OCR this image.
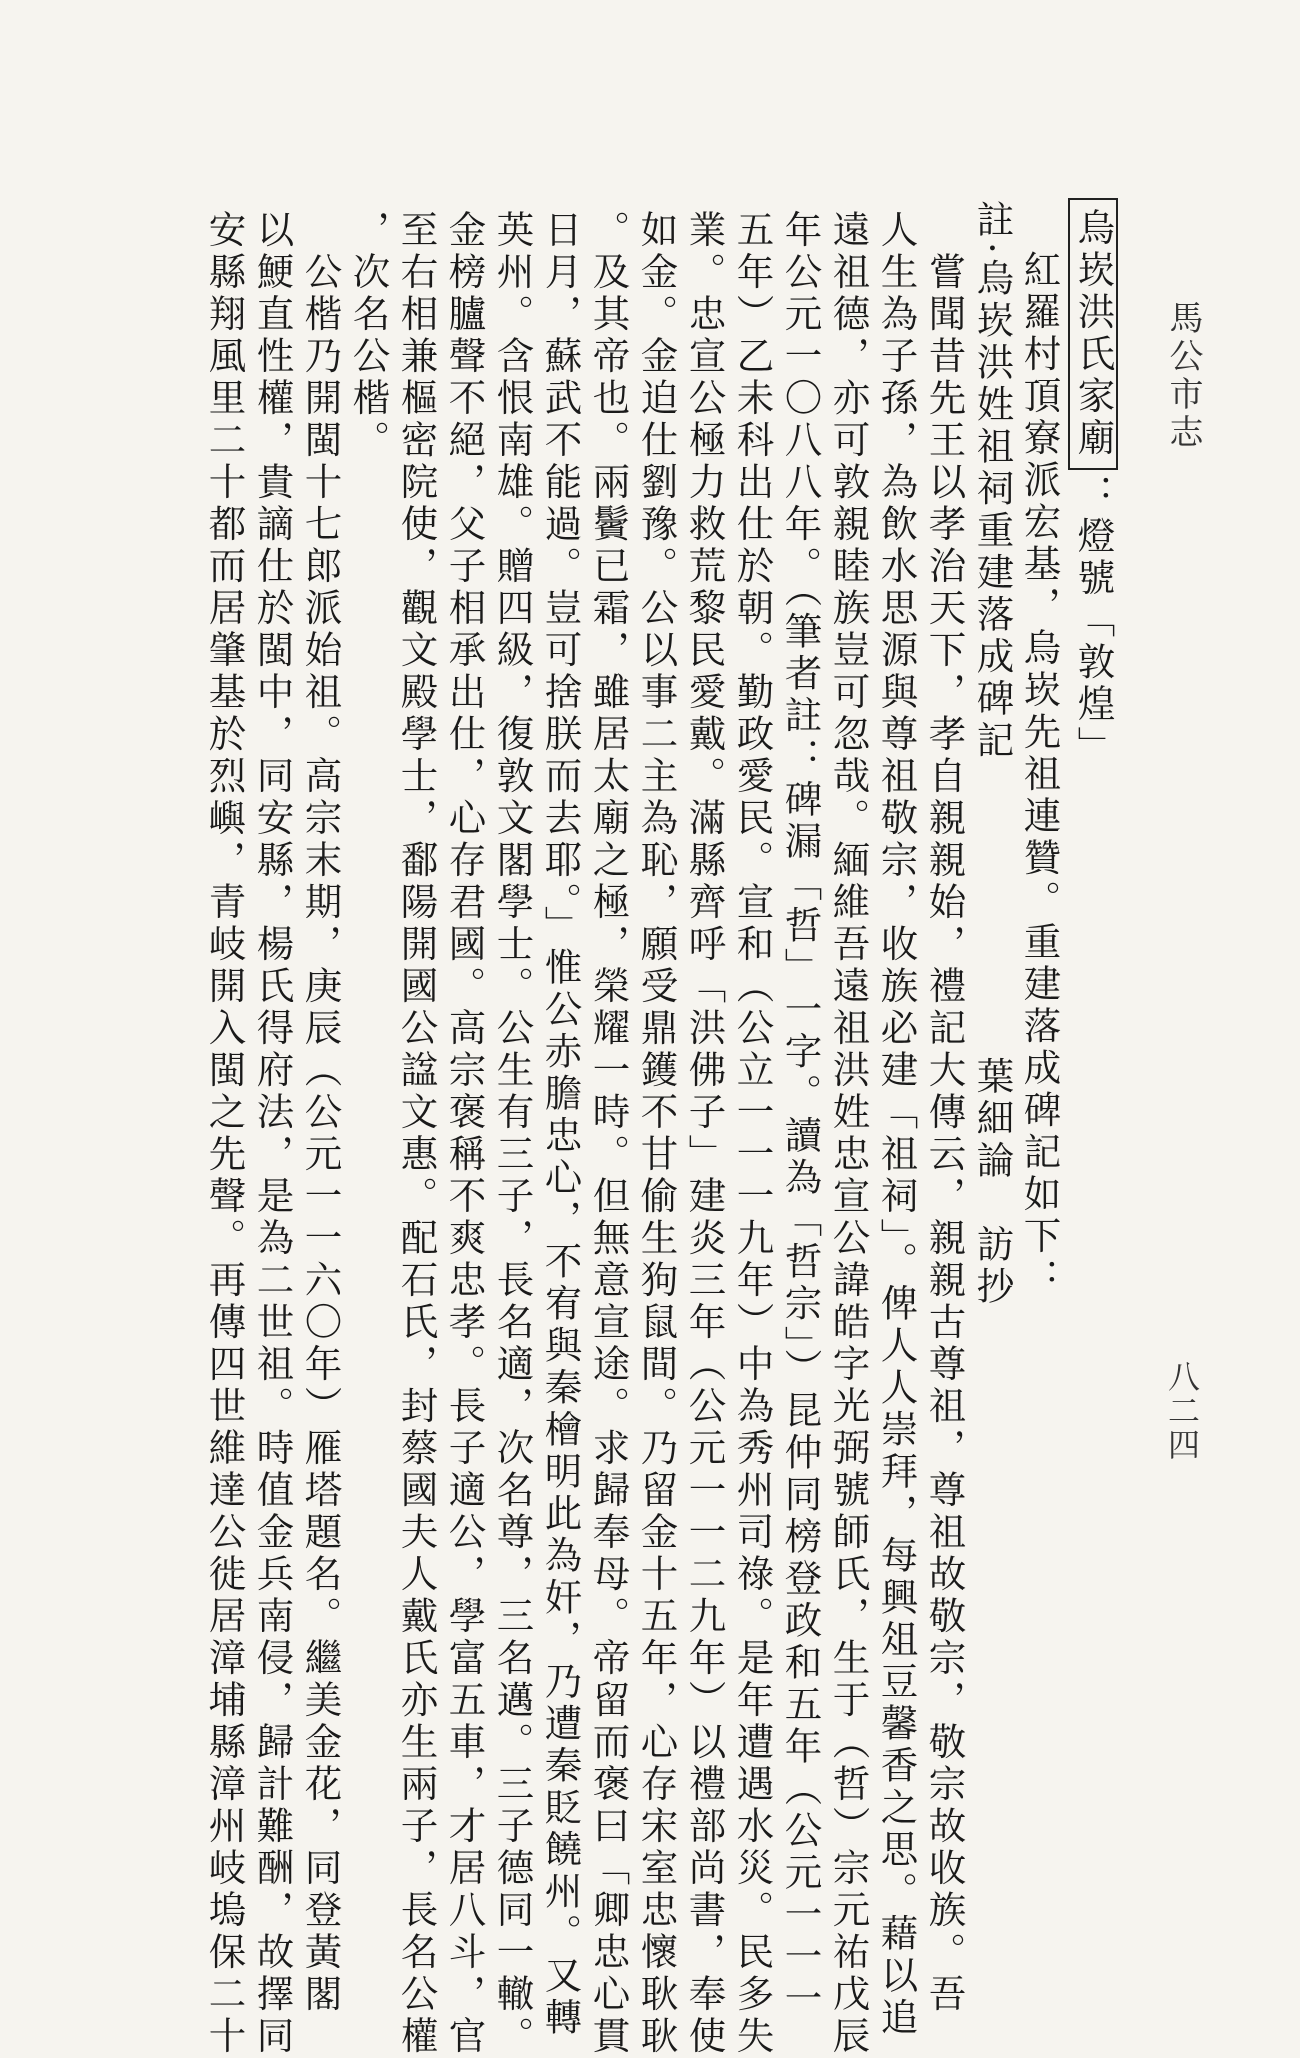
馬公市志
八二四
烏崁洪氏家廟：燈號「敦煌」
紅羅村頂寮派宏基，烏崁先祖連贊。重建落成碑記如下：
註·烏崁洪姓祖祠重建落成碑記　　　　　　　葉細論　訪抄
　嘗聞昔先王以孝治天下，孝自親親始，禮記大傳云，親親古尊祖，尊祖故敬宗，敬宗故收族。吾
人生為子孫，為飲水思源與尊祖敬宗，收族必建「祖祠」。俾人人崇拜，每興俎豆馨香之思。藉以追
遠祖德，亦可敦親睦族豈可忽哉。緬維吾遠祖洪姓忠宣公諱皓字光弼號師氏，生于（哲）宗元祐戊辰
年公元一〇八八年。（筆者註：碑漏「哲」一字。讀為「哲宗」）昆仲同榜登政和五年（公元一一一
五年）乙未科出仕於朝。勤政愛民。宣和（公立一一一九年）中為秀州司祿。是年遭遇水災。民多失
業。忠宣公極力救荒黎民愛戴。滿縣齊呼「洪佛子」建炎三年（公元一一二九年）以禮部尚書，奉使
如金。金迫仕劉豫。公以事二主為恥，願受鼎鑊不甘偷生狗鼠間。乃留金十五年，心存宋室忠懷耿耿
。及其帝也。兩鬢已霜，雖居太廟之極，榮耀一時。但無意宣途。求歸奉母。帝留而褒曰「卿忠心貫
日月，蘇武不能過。豈可捨朕而去耶。」惟公赤膽忠心，不宥與秦檜明此為奸，乃遭秦貶饒州。又轉
英州。含恨南雄。贈四級，復敦文閣學士。公生有三子，長名適，次名尊，三名邁。三子德同一轍。
金榜臚聲不絕，父子相承出仕，心存君國。高宗褒稱不爽忠孝。長子適公，學富五車，才居八斗，官
至右相兼樞密院使，觀文殿學士，鄱陽開國公諡文惠。配石氏，封蔡國夫人戴氏亦生兩子，長名公權
，次名公楷。
　公楷乃開閩十七郎派始祖。高宗末期，庚辰（公元一一六〇年）雁塔題名。繼美金花，同登黃閣
以鯁直性權，貴謫仕於閩中，同安縣，楊氏得府法，是為二世祖。時值金兵南侵，歸計難酬，故擇同
安縣翔風里二十都而居肇基於烈嶼，青岐開入閩之先聲。再傳四世維達公徙居漳埔縣漳州岐塢保二十
